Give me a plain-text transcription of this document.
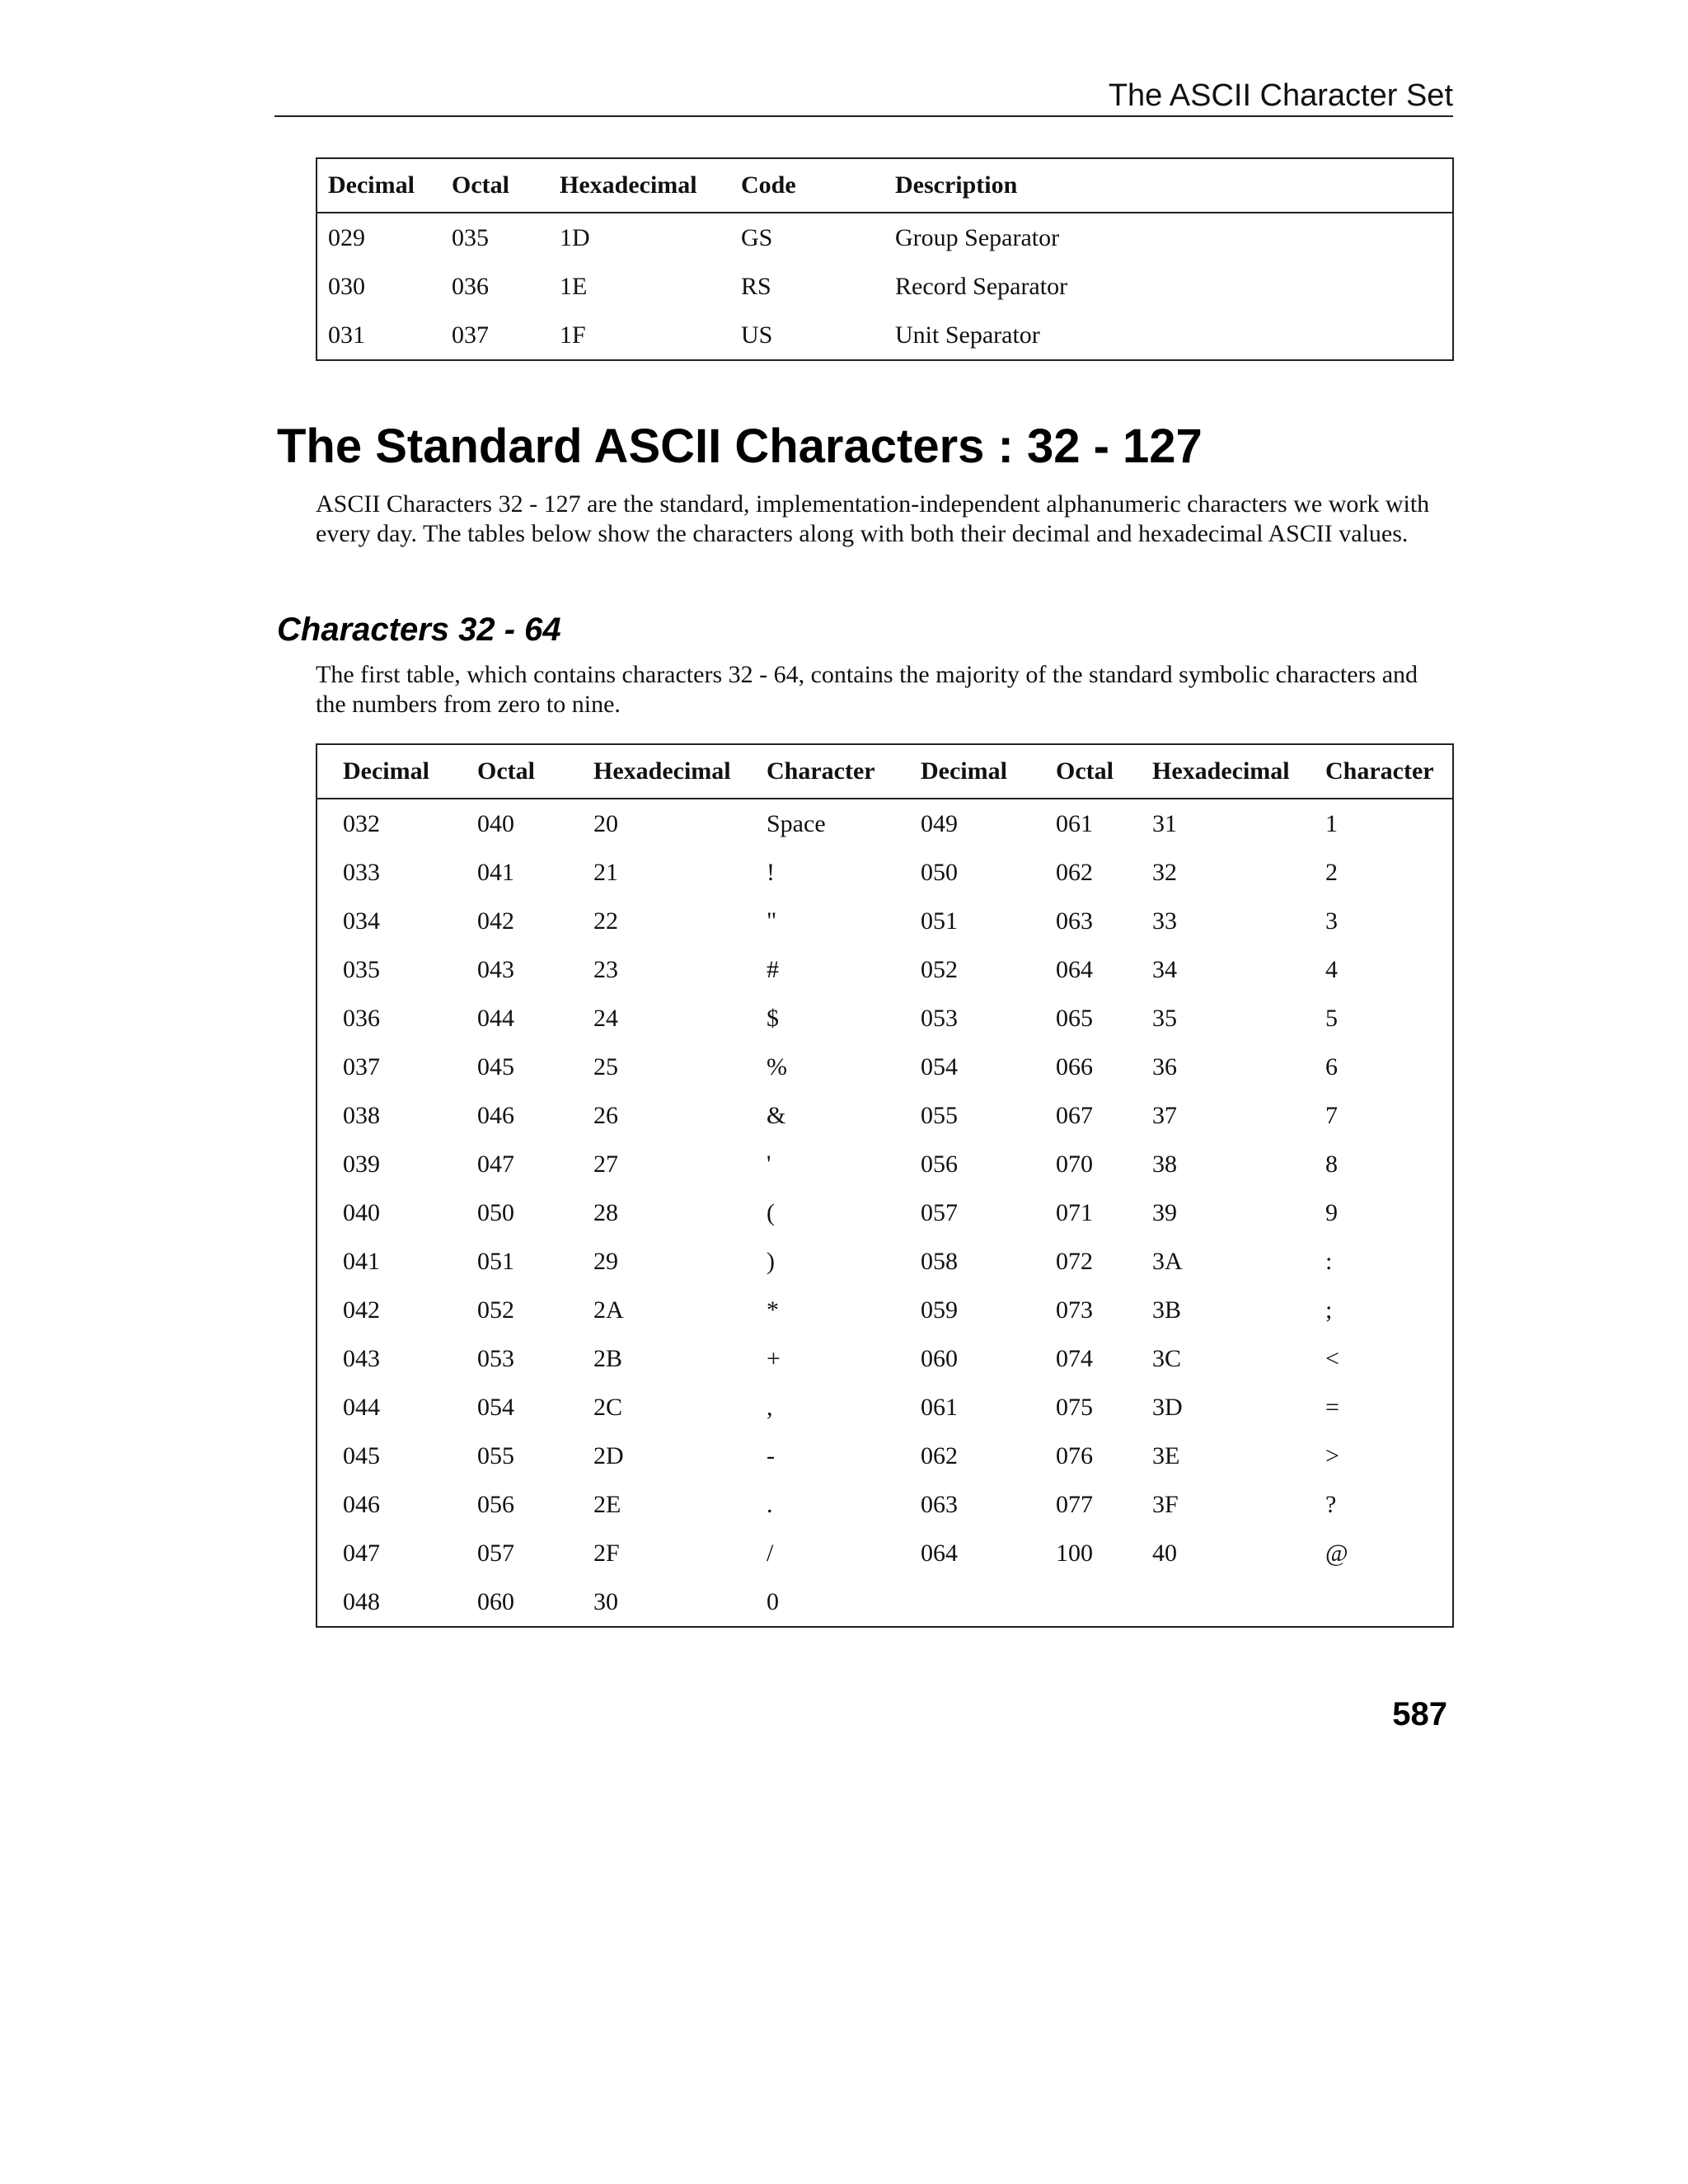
The ASCII Character Set
Decimal	Octal	Hexadecimal	Code	Description
029	035	1D	GS	Group Separator
030	036	1E	RS	Record Separator
031	037	1F	US	Unit Separator
The Standard ASCII Characters : 32 - 127

ASCII Characters 32 - 127 are the standard, implementation-independent alphanumeric characters we work with every day. The tables below show the characters along with both their decimal and hexadecimal ASCII values.

Characters 32 - 64

The first table, which contains characters 32 - 64, contains the majority of the standard symbolic characters and the numbers from zero to nine.

Decimal	Octal	Hexadecimal	Character	Decimal	Octal	Hexadecimal	Character
032	040	20	Space	049	061	31	1
033	041	21	!	050	062	32	2
034	042	22	"	051	063	33	3
035	043	23	#	052	064	34	4
036	044	24	$	053	065	35	5
037	045	25	%	054	066	36	6
038	046	26	&	055	067	37	7
039	047	27	'	056	070	38	8
040	050	28	(	057	071	39	9
041	051	29	)	058	072	3A	:
042	052	2A	*	059	073	3B	;
043	053	2B	+	060	074	3C	<
044	054	2C	,	061	075	3D	=
045	055	2D	-	062	076	3E	>
046	056	2E	.	063	077	3F	?
047	057	2F	/	064	100	40	@
048	060	30	0				
587
